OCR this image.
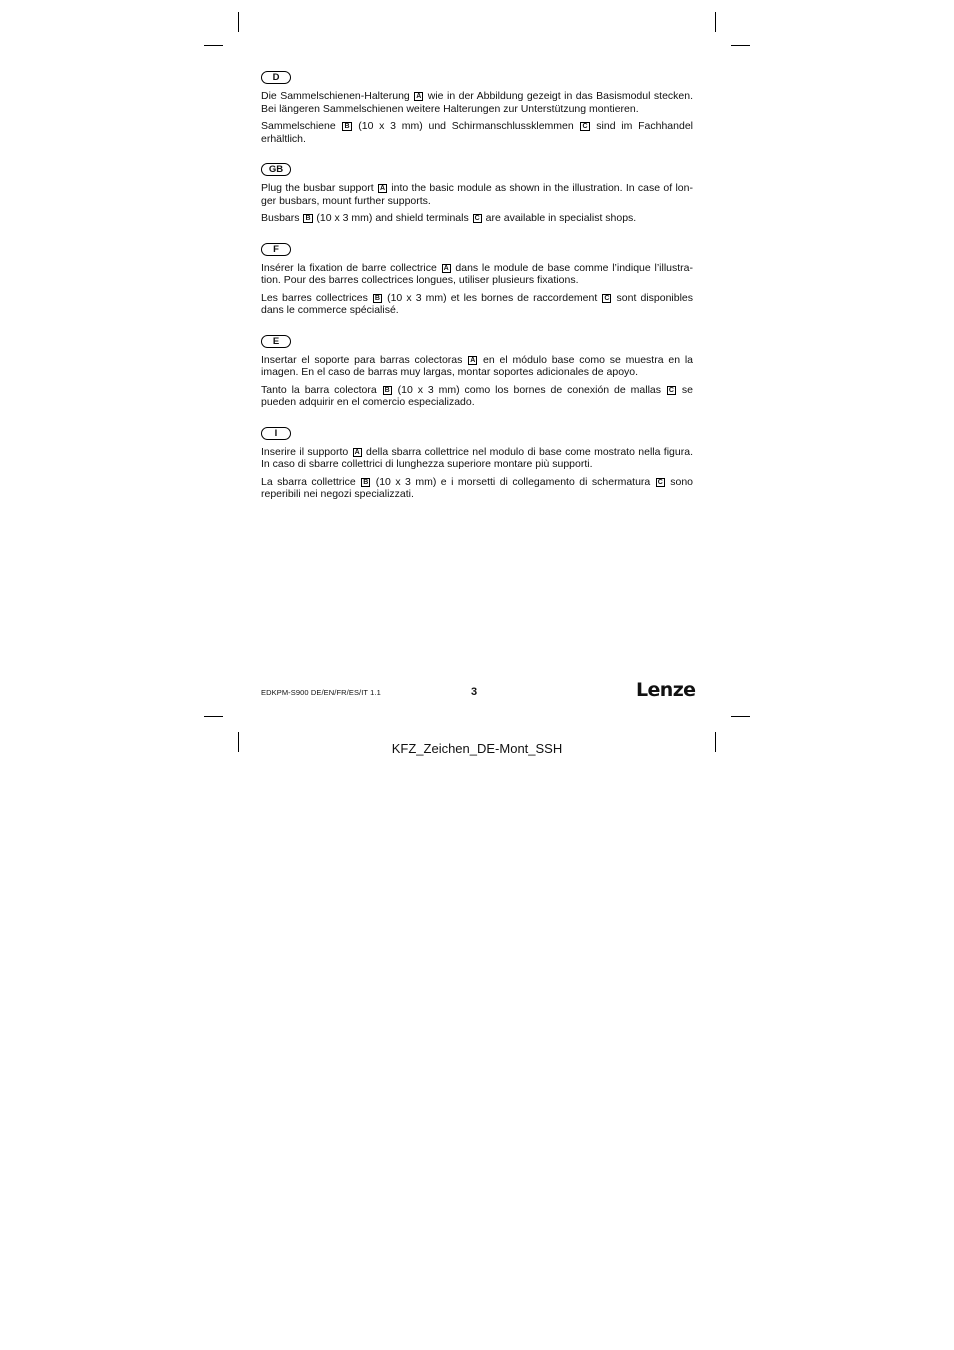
D

Die Sammelschienen-Halterung A wie in der Abbildung gezeigt in das Basismodul stecken. Bei längeren Sammelschienen weitere Halterungen zur Unterstützung montieren.

Sammelschiene B (10 x 3 mm) und Schirmanschlussklemmen C sind im Fachhandel erhältlich.

GB

Plug the busbar support A into the basic module as shown in the illustration. In case of longer busbars, mount further supports.

Busbars B (10 x 3 mm) and shield terminals C are available in specialist shops.

F

Insérer la fixation de barre collectrice A dans le module de base comme l’indique l’illustration. Pour des barres collectrices longues, utiliser plusieurs fixations.

Les barres collectrices B (10 x 3 mm) et les bornes de raccordement C sont disponibles dans le commerce spécialisé.

E

Insertar el soporte para barras colectoras A en el módulo base como se muestra en la imagen. En el caso de barras muy largas, montar soportes adicionales de apoyo.

Tanto la barra colectora B (10 x 3 mm) como los bornes de conexión de mallas C se pueden adquirir en el comercio especializado.

I

Inserire il supporto A della sbarra collettrice nel modulo di base come mostrato nella figura. In caso di sbarre collettrici di lunghezza superiore montare più supporti.

La sbarra collettrice B (10 x 3 mm) e i morsetti di collegamento di schermatura C sono reperibili nei negozi specializzati.

EDKPM-S900 DE/EN/FR/ES/IT 1.1	3	Lenze
KFZ_Zeichen_DE-Mont_SSH
